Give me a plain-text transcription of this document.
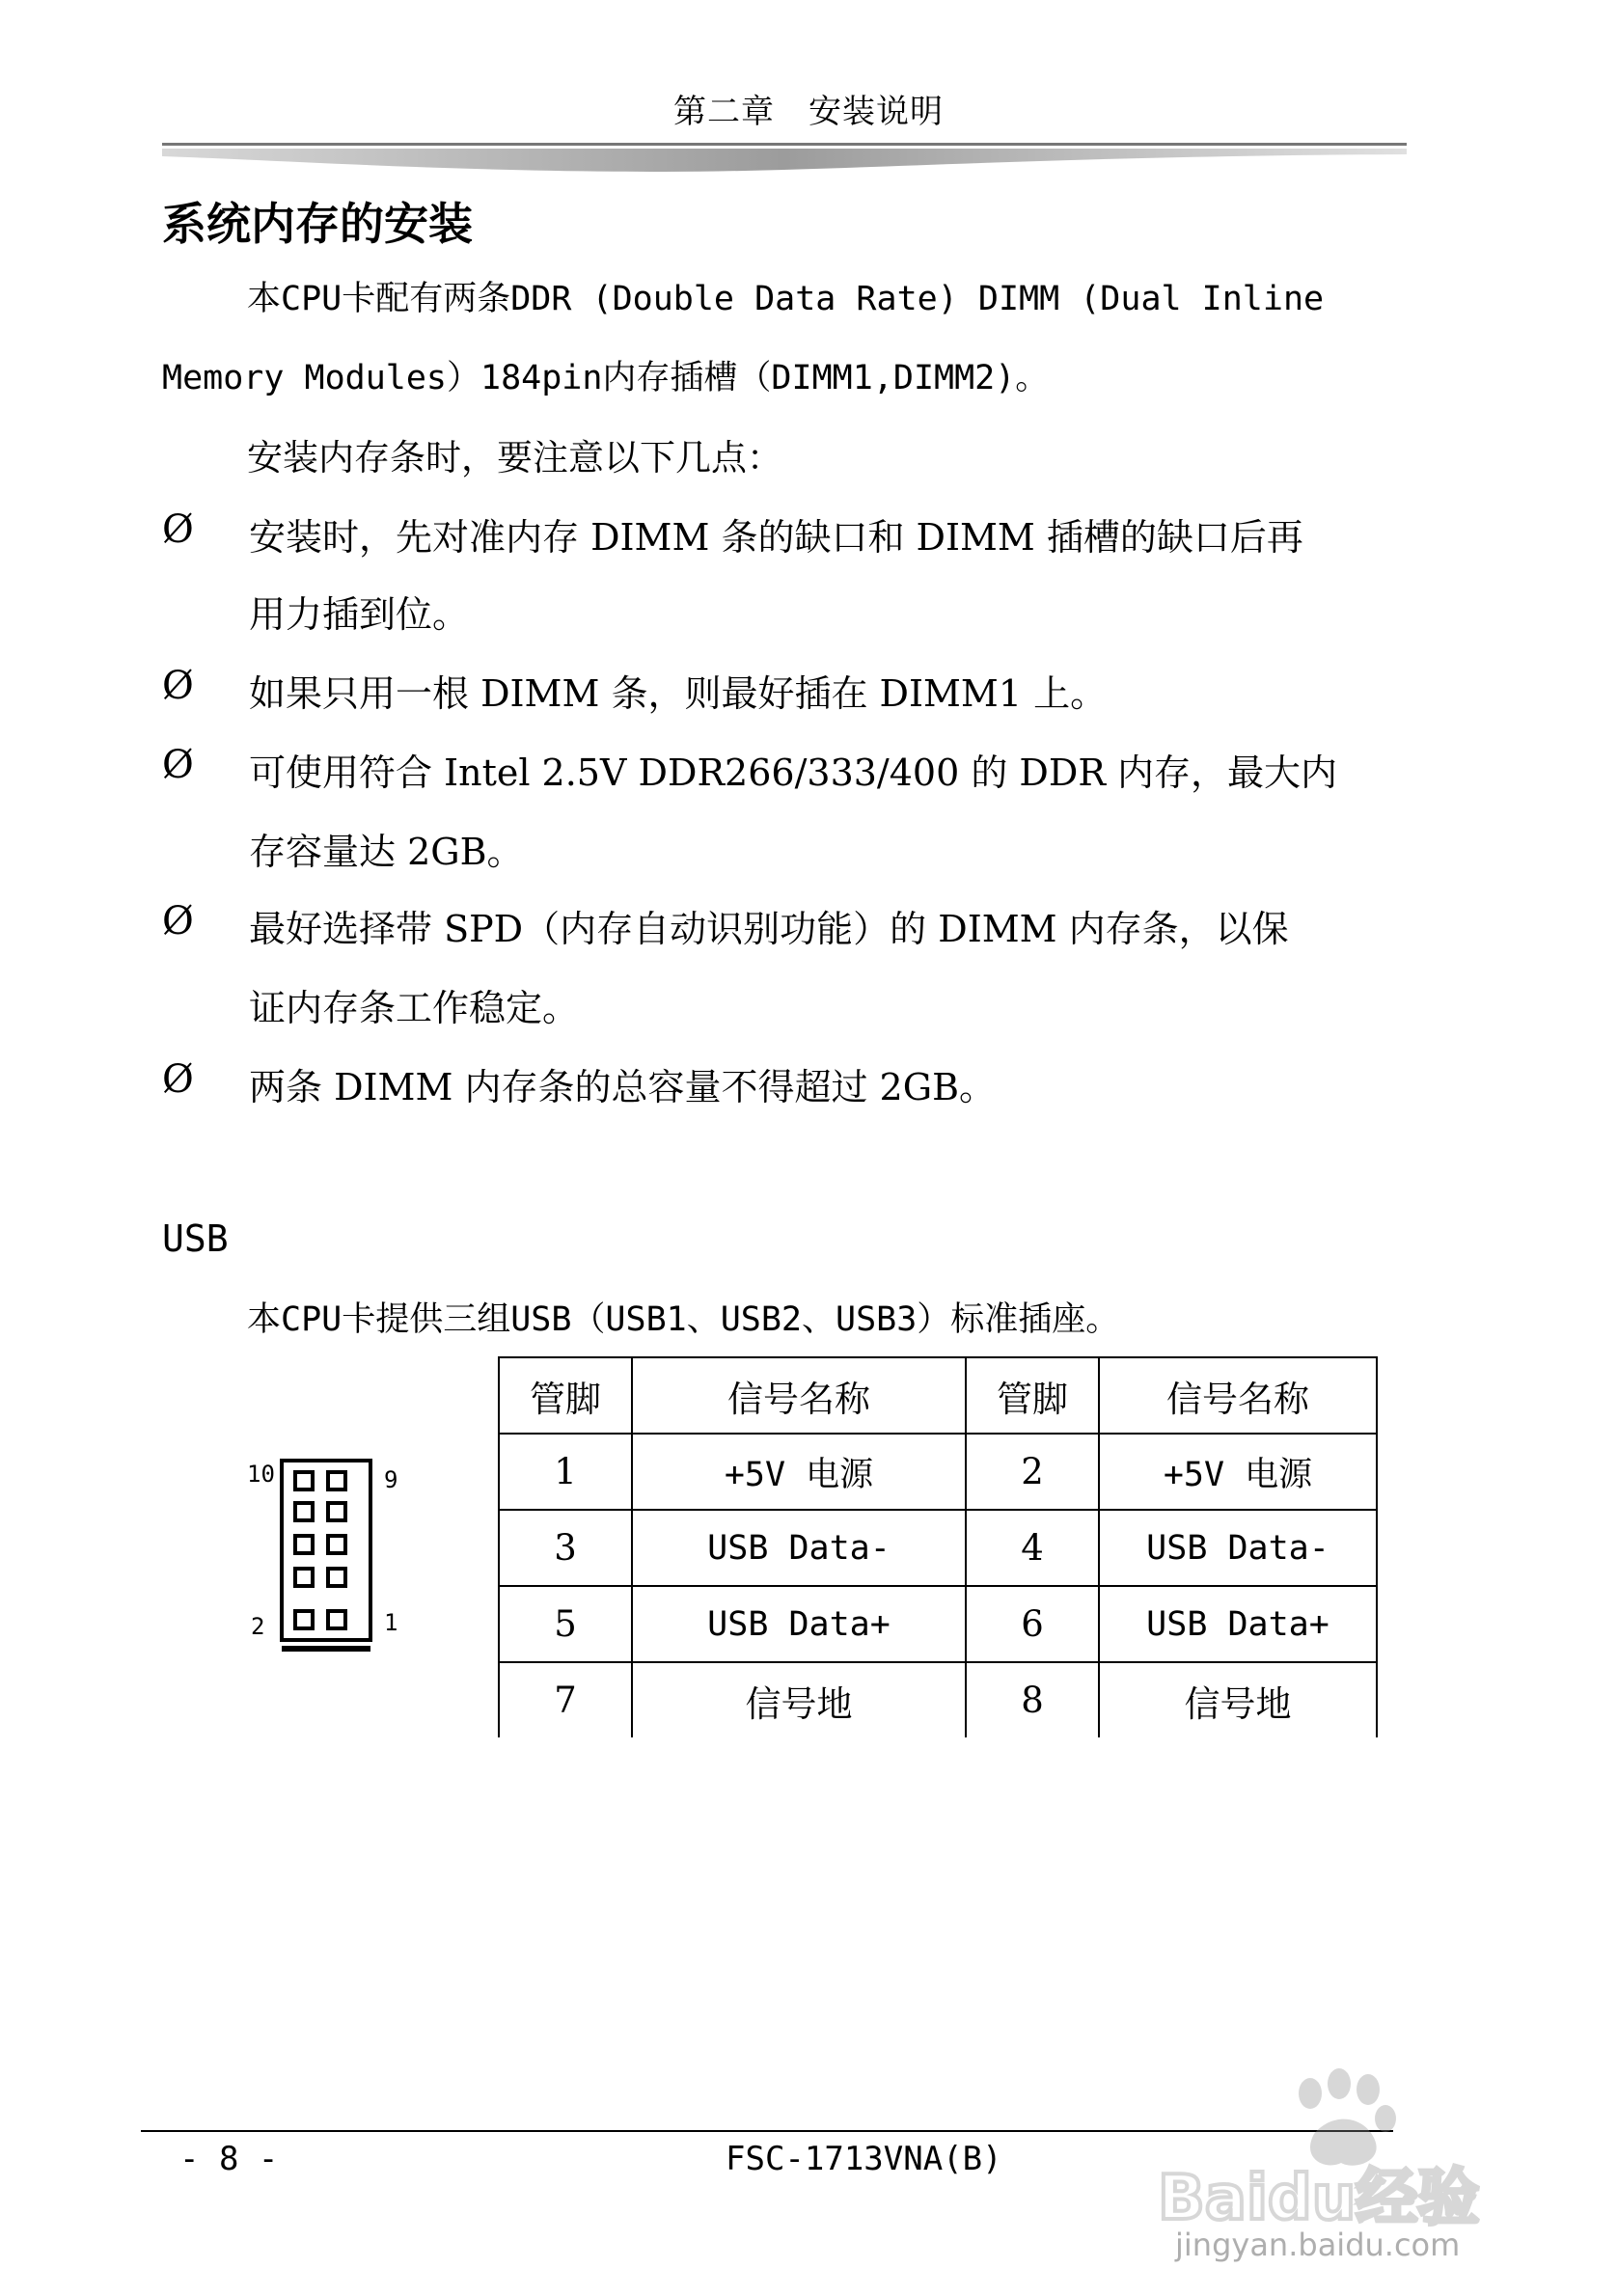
第二章　安装说明
系统内存的安装
本CPU卡配有两条DDR (Double Data Rate) DIMM (Dual Inline
Memory Modules）184pin内存插槽（DIMM1,DIMM2)。
安装内存条时，要注意以下几点：
Ø 安装时，先对准内存 DIMM 条的缺口和 DIMM 插槽的缺口后再
用力插到位。
Ø 如果只用一根 DIMM 条，则最好插在 DIMM1 上。
Ø 可使用符合 Intel 2.5V DDR266/333/400 的 DDR 内存，最大内
存容量达 2GB。
Ø 最好选择带 SPD（内存自动识别功能）的 DIMM 内存条，以保
证内存条工作稳定。
Ø 两条 DIMM 内存条的总容量不得超过 2GB。
USB
本CPU卡提供三组USB（USB1、USB2、USB3）标准插座。
10	9
2	1
管脚	信号名称	管脚	信号名称
1	+5V 电源	2	+5V 电源
3	USB Data-	4	USB Data-
5	USB Data+	6	USB Data+
7	信号地	8	信号地
- 8 -	FSC-1713VNA(B)
Baidu经验
jingyan.baidu.com
